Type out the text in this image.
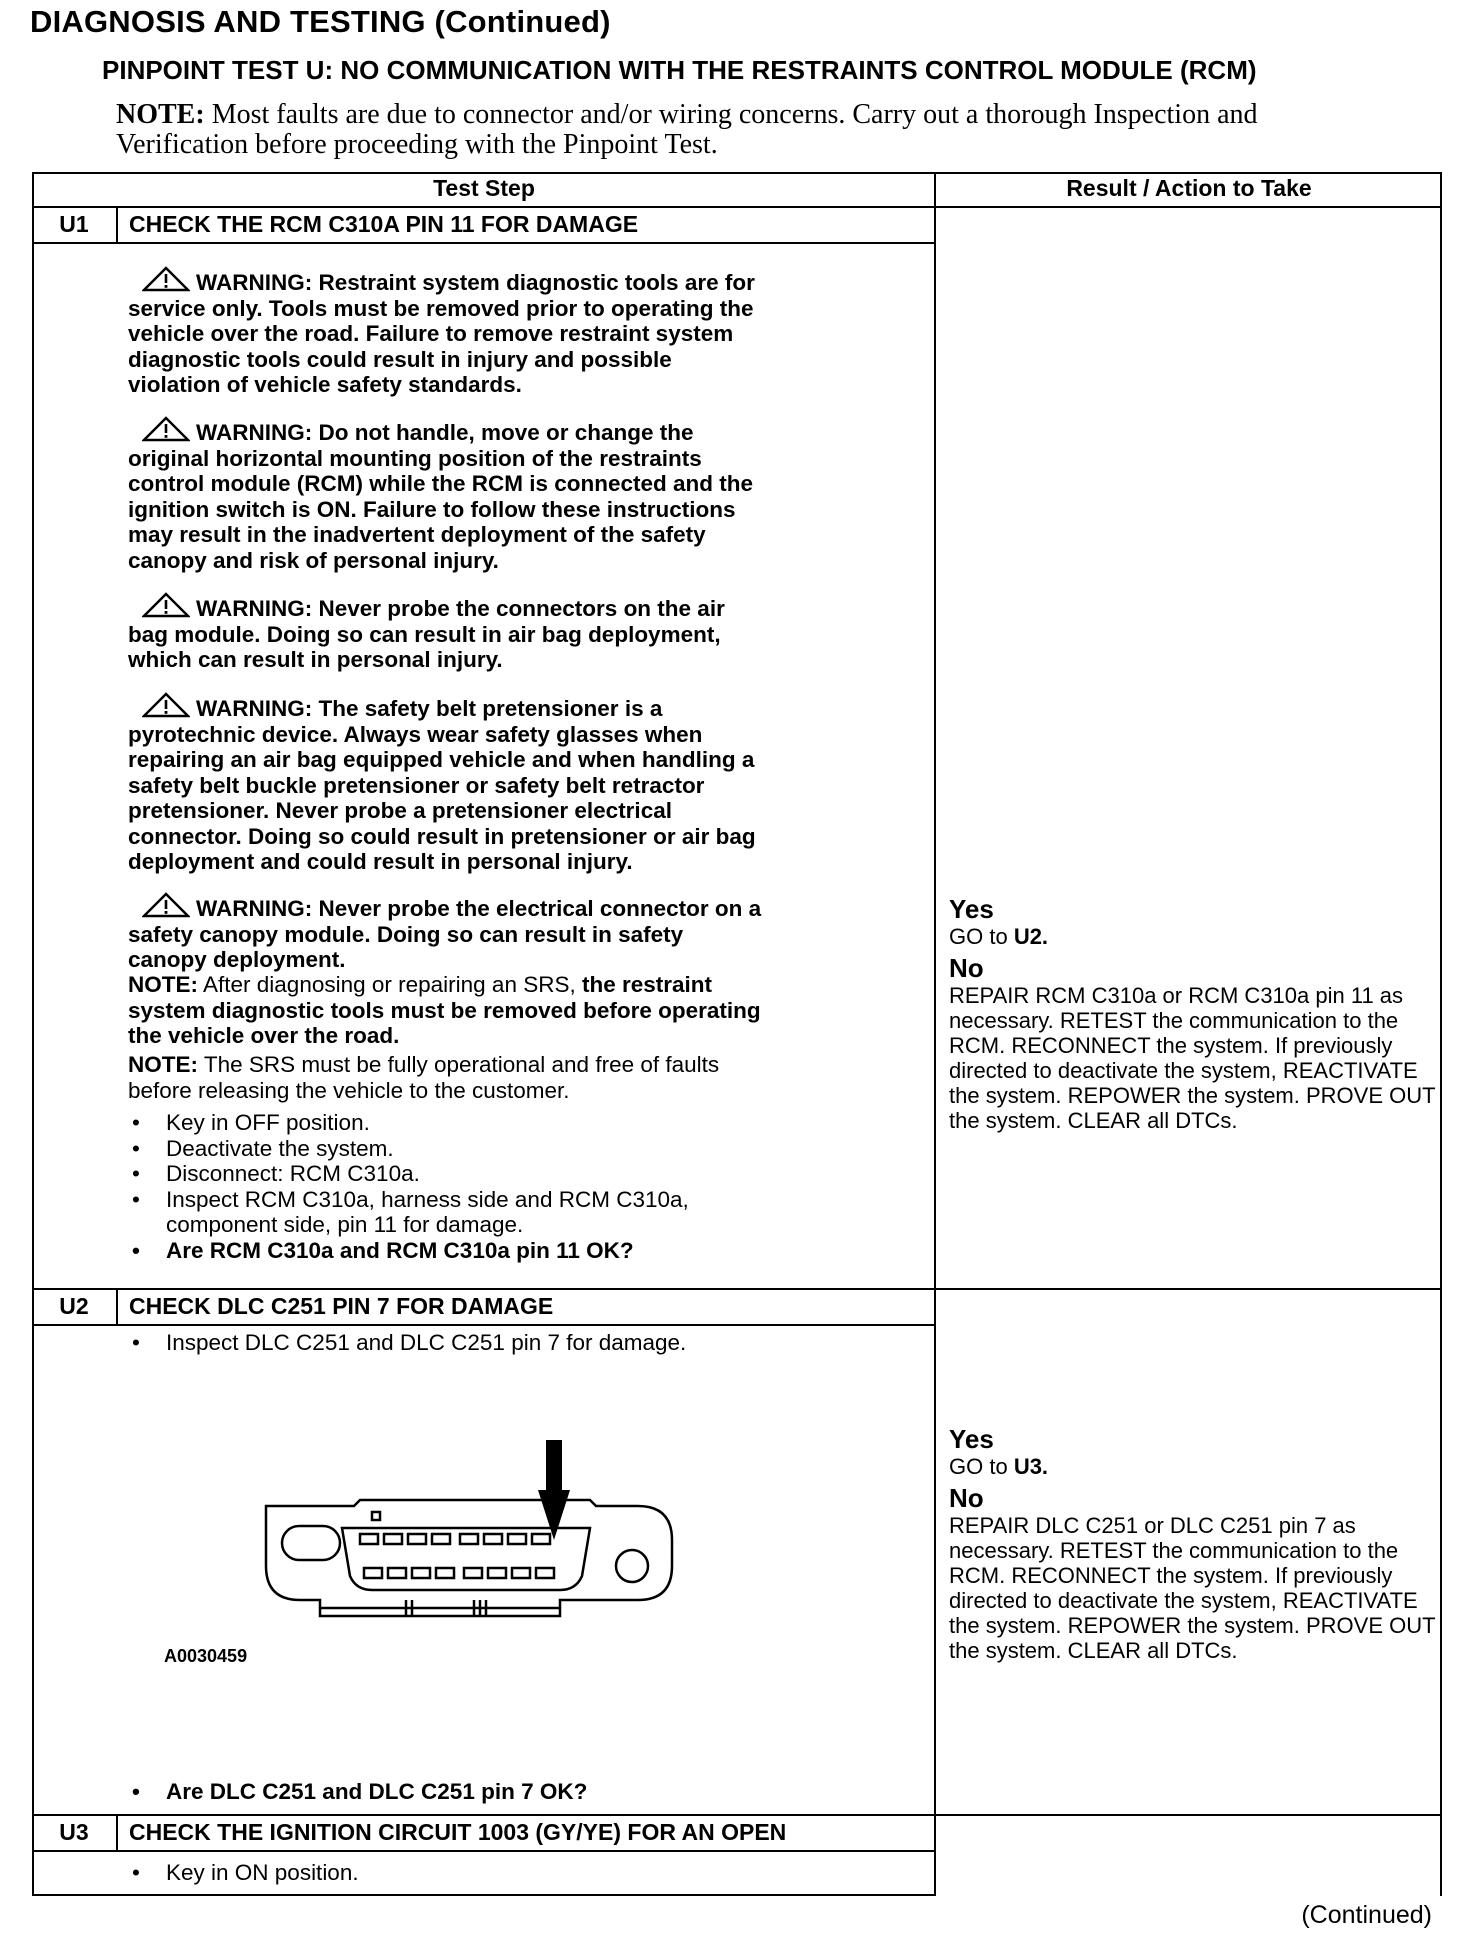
DIAGNOSIS AND TESTING (Continued)
PINPOINT TEST U: NO COMMUNICATION WITH THE RESTRAINTS CONTROL MODULE (RCM)
NOTE: Most faults are due to connector and/or wiring concerns. Carry out a thorough Inspection and Verification before proceeding with the Pinpoint Test.
Test Step	Result / Action to Take
U1	CHECK THE RCM C310A PIN 11 FOR DAMAGE
WARNING: Restraint system diagnostic tools are for service only. Tools must be removed prior to operating the vehicle over the road. Failure to remove restraint system diagnostic tools could result in injury and possible violation of vehicle safety standards.
WARNING: Do not handle, move or change the original horizontal mounting position of the restraints control module (RCM) while the RCM is connected and the ignition switch is ON. Failure to follow these instructions may result in the inadvertent deployment of the safety canopy and risk of personal injury.
WARNING: Never probe the connectors on the air bag module. Doing so can result in air bag deployment, which can result in personal injury.
WARNING: The safety belt pretensioner is a pyrotechnic device. Always wear safety glasses when repairing an air bag equipped vehicle and when handling a safety belt buckle pretensioner or safety belt retractor pretensioner. Never probe a pretensioner electrical connector. Doing so could result in pretensioner or air bag deployment and could result in personal injury.
WARNING: Never probe the electrical connector on a safety canopy module. Doing so can result in safety canopy deployment.
NOTE: After diagnosing or repairing an SRS, the restraint system diagnostic tools must be removed before operating the vehicle over the road.
NOTE: The SRS must be fully operational and free of faults before releasing the vehicle to the customer.
• Key in OFF position.
• Deactivate the system.
• Disconnect: RCM C310a.
• Inspect RCM C310a, harness side and RCM C310a, component side, pin 11 for damage.
• Are RCM C310a and RCM C310a pin 11 OK?
Yes
GO to U2.
No
REPAIR RCM C310a or RCM C310a pin 11 as necessary. RETEST the communication to the RCM. RECONNECT the system. If previously directed to deactivate the system, REACTIVATE the system. REPOWER the system. PROVE OUT the system. CLEAR all DTCs.
U2	CHECK DLC C251 PIN 7 FOR DAMAGE
• Inspect DLC C251 and DLC C251 pin 7 for damage.
A0030459
• Are DLC C251 and DLC C251 pin 7 OK?
Yes
GO to U3.
No
REPAIR DLC C251 or DLC C251 pin 7 as necessary. RETEST the communication to the RCM. RECONNECT the system. If previously directed to deactivate the system, REACTIVATE the system. REPOWER the system. PROVE OUT the system. CLEAR all DTCs.
U3	CHECK THE IGNITION CIRCUIT 1003 (GY/YE) FOR AN OPEN
• Key in ON position.
(Continued)
